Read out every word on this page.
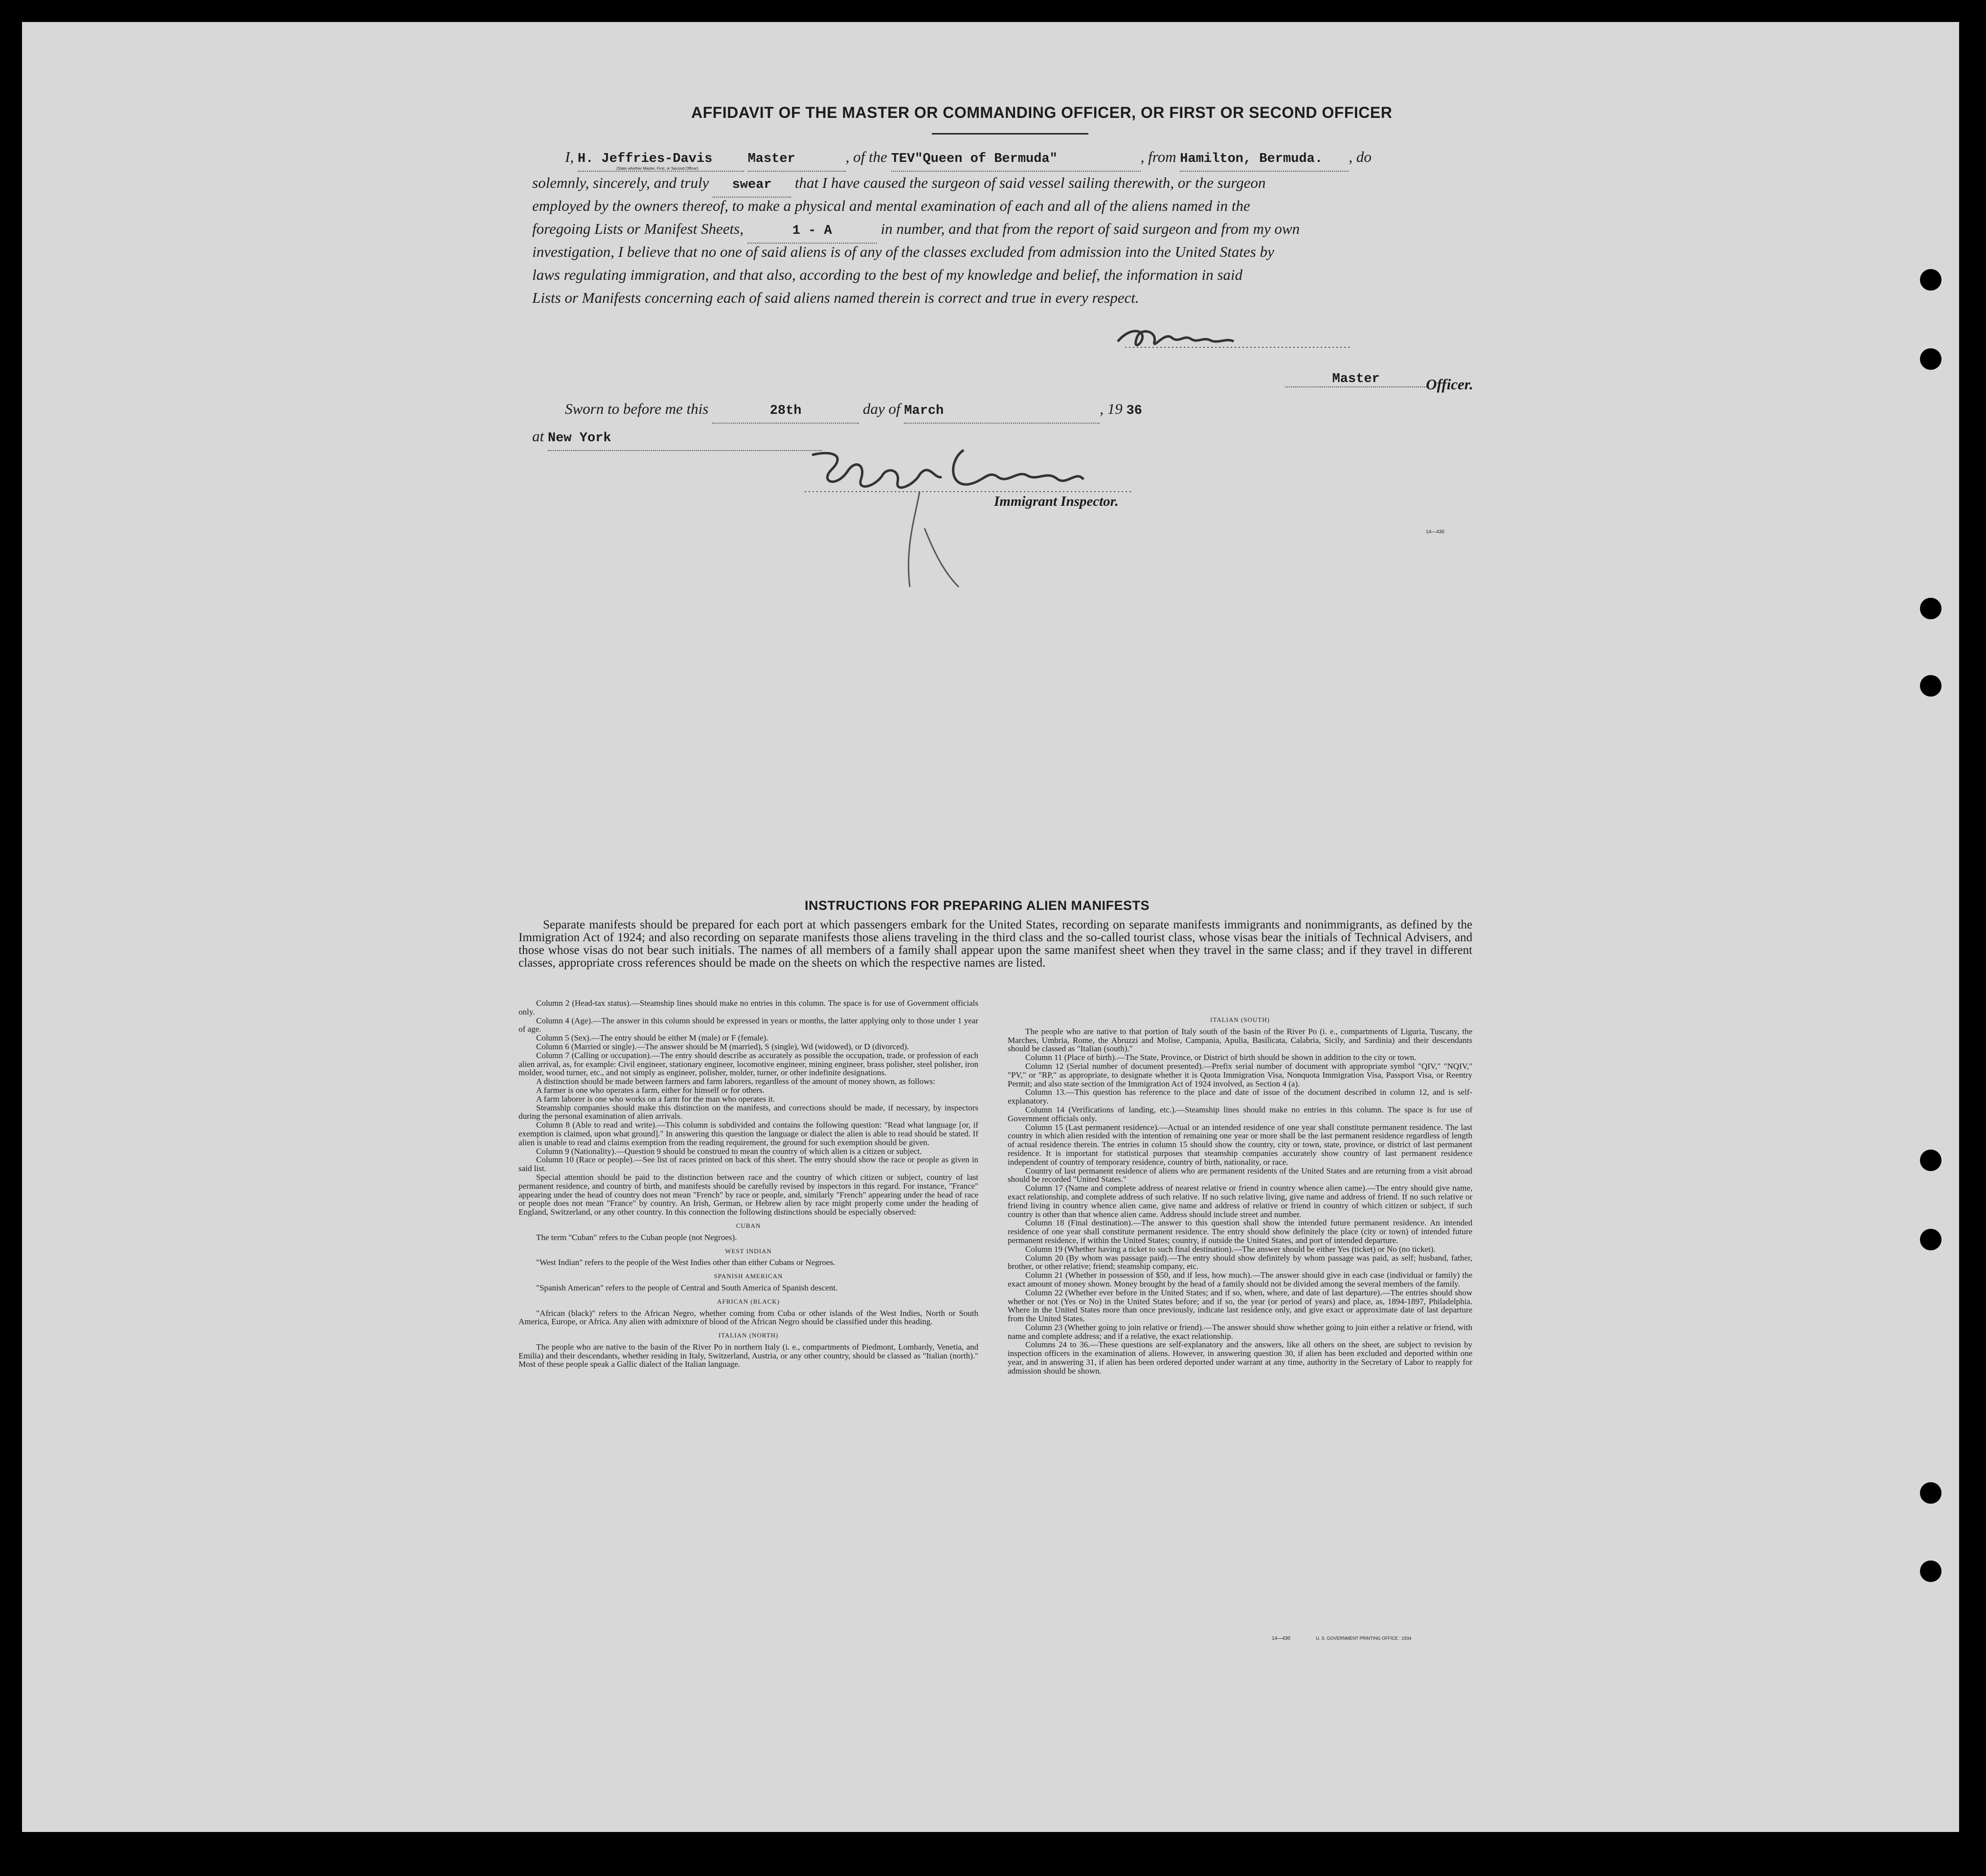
AFFIDAVIT OF THE MASTER OR COMMANDING OFFICER, OR FIRST OR SECOND OFFICER
I, H. Jeffries-Davis	Master	, of the TEV"Queen of Bermuda"	, from Hamilton, Bermuda. , do
(State whether Master, First, or Second Officer)
solemnly, sincerely, and truly swear that I have caused the surgeon of said vessel sailing therewith, or the surgeon
employed by the owners thereof, to make a physical and mental examination of each and all of the aliens named in the
foregoing Lists or Manifest Sheets,	1 - A	in number, and that from the report of said surgeon and from my own
investigation, I believe that no one of said aliens is of any of the classes excluded from admission into the United States by
laws regulating immigration, and that also, according to the best of my knowledge and belief, the information in said
Lists or Manifests concerning each of said aliens named therein is correct and true in every respect.
Master	Officer.
Sworn to before me this	28th	day of March	, 19 36
at New York
Immigrant Inspector.
14—430
INSTRUCTIONS FOR PREPARING ALIEN MANIFESTS
Separate manifests should be prepared for each port at which passengers embark for the United States, recording on separate manifests immigrants and nonimmigrants, as defined by the Immigration Act of 1924; and also recording on separate manifests those aliens traveling in the third class and the so-called tourist class, whose visas bear the initials of Technical Advisers, and those whose visas do not bear such initials. The names of all members of a family shall appear upon the same manifest sheet when they travel in the same class; and if they travel in different classes, appropriate cross references should be made on the sheets on which the respective names are listed.

Column 2 (Head-tax status).—Steamship lines should make no entries in this column. The space is for use of Government officials only.

Column 4 (Age).—The answer in this column should be expressed in years or months, the latter applying only to those under 1 year of age.

Column 5 (Sex).—The entry should be either M (male) or F (female).

Column 6 (Married or single).—The answer should be M (married), S (single), Wd (widowed), or D (divorced).

Column 7 (Calling or occupation).—The entry should describe as accurately as possible the occupation, trade, or profession of each alien arrival, as, for example: Civil engineer, stationary engineer, locomotive engineer, mining engineer, brass polisher, steel polisher, iron molder, wood turner, etc., and not simply as engineer, polisher, molder, turner, or other indefinite designations.

A distinction should be made between farmers and farm laborers, regardless of the amount of money shown, as follows:

A farmer is one who operates a farm, either for himself or for others.

A farm laborer is one who works on a farm for the man who operates it.

Steamship companies should make this distinction on the manifests, and corrections should be made, if necessary, by inspectors during the personal examination of alien arrivals.

Column 8 (Able to read and write).—This column is subdivided and contains the following question: "Read what language [or, if exemption is claimed, upon what ground]." In answering this question the language or dialect the alien is able to read should be stated. If alien is unable to read and claims exemption from the reading requirement, the ground for such exemption should be given.

Column 9 (Nationality).—Question 9 should be construed to mean the country of which alien is a citizen or subject.

Column 10 (Race or people).—See list of races printed on back of this sheet. The entry should show the race or people as given in said list.

Special attention should be paid to the distinction between race and the country of which citizen or subject, country of last permanent residence, and country of birth, and manifests should be carefully revised by inspectors in this regard. For instance, "France" appearing under the head of country does not mean "French" by race or people, and, similarly "French" appearing under the head of race or people does not mean "France" by country. An Irish, German, or Hebrew alien by race might properly come under the heading of England, Switzerland, or any other country. In this connection the following distinctions should be especially observed:

CUBAN

The term "Cuban" refers to the Cuban people (not Negroes).

WEST INDIAN

"West Indian" refers to the people of the West Indies other than either Cubans or Negroes.

SPANISH AMERICAN

"Spanish American" refers to the people of Central and South America of Spanish descent.

AFRICAN (BLACK)

"African (black)" refers to the African Negro, whether coming from Cuba or other islands of the West Indies, North or South America, Europe, or Africa. Any alien with admixture of blood of the African Negro should be classified under this heading.

ITALIAN (NORTH)

The people who are native to the basin of the River Po in northern Italy (i. e., compartments of Piedmont, Lombardy, Venetia, and Emilia) and their descendants, whether residing in Italy, Switzerland, Austria, or any other country, should be classed as "Italian (north)." Most of these people speak a Gallic dialect of the Italian language.

ITALIAN (SOUTH)

The people who are native to that portion of Italy south of the basin of the River Po (i. e., compartments of Liguria, Tuscany, the Marches, Umbria, Rome, the Abruzzi and Molise, Campania, Apulia, Basilicata, Calabria, Sicily, and Sardinia) and their descendants should be classed as "Italian (south)."

Column 11 (Place of birth).—The State, Province, or District of birth should be shown in addition to the city or town.

Column 12 (Serial number of document presented).—Prefix serial number of document with appropriate symbol "QIV," "NQIV," "PV," or "RP," as appropriate, to designate whether it is Quota Immigration Visa, Nonquota Immigration Visa, Passport Visa, or Reentry Permit; and also state section of the Immigration Act of 1924 involved, as Section 4 (a).

Column 13.—This question has reference to the place and date of issue of the document described in column 12, and is self-explanatory.

Column 14 (Verifications of landing, etc.).—Steamship lines should make no entries in this column. The space is for use of Government officials only.

Column 15 (Last permanent residence).—Actual or an intended residence of one year shall constitute permanent residence. The last country in which alien resided with the intention of remaining one year or more shall be the last permanent residence regardless of length of actual residence therein. The entries in column 15 should show the country, city or town, state, province, or district of last permanent residence. It is important for statistical purposes that steamship companies accurately show country of last permanent residence independent of country of temporary residence, country of birth, nationality, or race.

Country of last permanent residence of aliens who are permanent residents of the United States and are returning from a visit abroad should be recorded "United States."

Column 17 (Name and complete address of nearest relative or friend in country whence alien came).—The entry should give name, exact relationship, and complete address of such relative. If no such relative living, give name and address of friend. If no such relative or friend living in country whence alien came, give name and address of relative or friend in country of which citizen or subject, if such country is other than that whence alien came. Address should include street and number.

Column 18 (Final destination).—The answer to this question shall show the intended future permanent residence. An intended residence of one year shall constitute permanent residence. The entry should show definitely the place (city or town) of intended future permanent residence, if within the United States; country, if outside the United States, and port of intended departure.

Column 19 (Whether having a ticket to such final destination).—The answer should be either Yes (ticket) or No (no ticket).

Column 20 (By whom was passage paid).—The entry should show definitely by whom passage was paid, as self; husband, father, brother, or other relative; friend; steamship company, etc.

Column 21 (Whether in possession of $50, and if less, how much).—The answer should give in each case (individual or family) the exact amount of money shown. Money brought by the head of a family should not be divided among the several members of the family.

Column 22 (Whether ever before in the United States; and if so, when, where, and date of last departure).—The entries should show whether or not (Yes or No) in the United States before; and if so, the year (or period of years) and place, as, 1894-1897, Philadelphia. Where in the United States more than once previously, indicate last residence only, and give exact or approximate date of last departure from the United States.

Column 23 (Whether going to join relative or friend).—The answer should show whether going to join either a relative or friend, with name and complete address; and if a relative, the exact relationship.

Columns 24 to 36.—These questions are self-explanatory and the answers, like all others on the sheet, are subject to revision by inspection officers in the examination of aliens. However, in answering question 30, if alien has been excluded and deported within one year, and in answering 31, if alien has been ordered deported under warrant at any time, authority in the Secretary of Labor to reapply for admission should be shown.

14—430	U. S. GOVERNMENT PRINTING OFFICE : 1934
